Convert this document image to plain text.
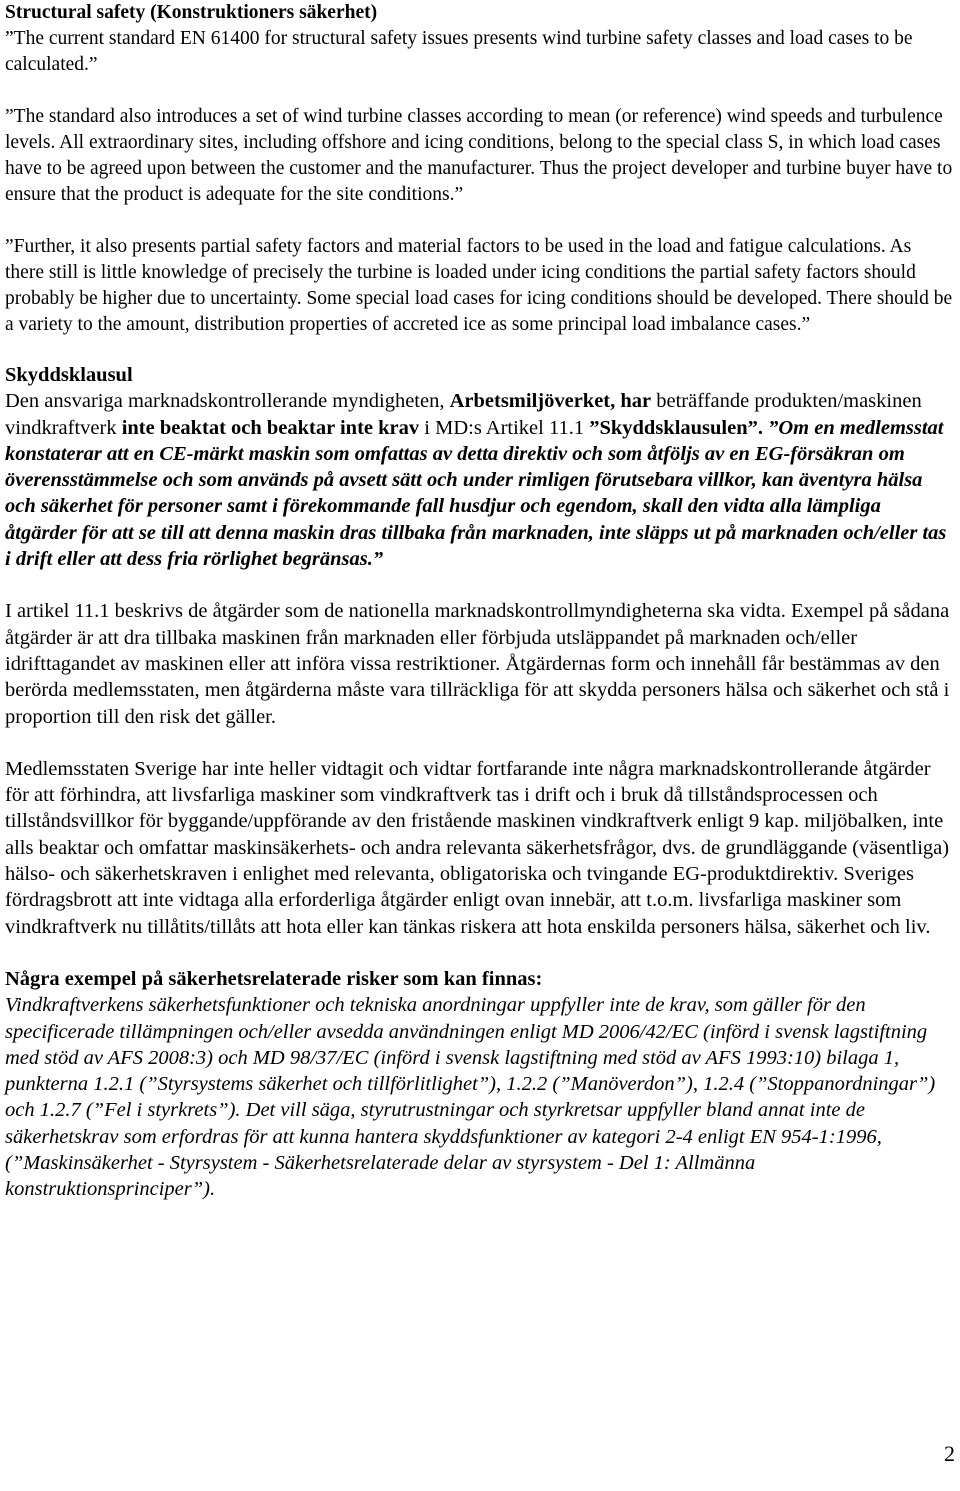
Structural safety (Konstruktioners säkerhet)

”The current standard EN 61400 for structural safety issues presents wind turbine safety classes and load cases to be calculated.”

”The standard also introduces a set of wind turbine classes according to mean (or reference) wind speeds and turbulence levels. All extraordinary sites, including offshore and icing conditions, belong to the special class S, in which load cases have to be agreed upon between the customer and the manufacturer. Thus the project developer and turbine buyer have to ensure that the product is adequate for the site conditions.”

”Further, it also presents partial safety factors and material factors to be used in the load and fatigue calculations. As there still is little knowledge of precisely the turbine is loaded under icing conditions the partial safety factors should probably be higher due to uncertainty. Some special load cases for icing conditions should be developed. There should be a variety to the amount, distribution properties of accreted ice as some principal load imbalance cases.”

Skyddsklausul

Den ansvariga marknadskontrollerande myndigheten, Arbetsmiljöverket, har beträffande produkten/maskinen vindkraftverk inte beaktat och beaktar inte krav i MD:s Artikel 11.1 ”Skyddsklausulen”. ”Om en medlemsstat konstaterar att en CE-märkt maskin som omfattas av detta direktiv och som åtföljs av en EG-försäkran om överensstämmelse och som används på avsett sätt och under rimligen förutsebara villkor, kan äventyra hälsa och säkerhet för personer samt i förekommande fall husdjur och egendom, skall den vidta alla lämpliga åtgärder för att se till att denna maskin dras tillbaka från marknaden, inte släpps ut på marknaden och/eller tas i drift eller att dess fria rörlighet begränsas.”

I artikel 11.1 beskrivs de åtgärder som de nationella marknadskontrollmyndigheterna ska vidta. Exempel på sådana åtgärder är att dra tillbaka maskinen från marknaden eller förbjuda utsläppandet på marknaden och/eller idrifttagandet av maskinen eller att införa vissa restriktioner. Åtgärdernas form och innehåll får bestämmas av den berörda medlemsstaten, men åtgärderna måste vara tillräckliga för att skydda personers hälsa och säkerhet och stå i proportion till den risk det gäller.

Medlemsstaten Sverige har inte heller vidtagit och vidtar fortfarande inte några marknadskontrollerande åtgärder för att förhindra, att livsfarliga maskiner som vindkraftverk tas i drift och i bruk då tillståndsprocessen och tillståndsvillkor för byggande/uppförande av den fristående maskinen vindkraftverk enligt 9 kap. miljöbalken, inte alls beaktar och omfattar maskinsäkerhets- och andra relevanta säkerhetsfrågor, dvs. de grundläggande (väsentliga) hälso- och säkerhetskraven i enlighet med relevanta, obligatoriska och tvingande EG-produktdirektiv. Sveriges fördragsbrott att inte vidtaga alla erforderliga åtgärder enligt ovan innebär, att t.o.m. livsfarliga maskiner som vindkraftverk nu tillåtits/tillåts att hota eller kan tänkas riskera att hota enskilda personers hälsa, säkerhet och liv.

Några exempel på säkerhetsrelaterade risker som kan finnas:

Vindkraftverkens säkerhetsfunktioner och tekniska anordningar uppfyller inte de krav, som gäller för den specificerade tillämpningen och/eller avsedda användningen enligt MD 2006/42/EC (införd i svensk lagstiftning med stöd av AFS 2008:3) och MD 98/37/EC (införd i svensk lagstiftning med stöd av AFS 1993:10) bilaga 1, punkterna 1.2.1 (”Styrsystems säkerhet och tillförlitlighet”), 1.2.2 (”Manöverdon”), 1.2.4 (”Stoppanordningar”) och 1.2.7 (”Fel i styrkrets”). Det vill säga, styrutrustningar och styrkretsar uppfyller bland annat inte de säkerhetskrav som erfordras för att kunna hantera skyddsfunktioner av kategori 2-4 enligt EN 954-1:1996, (”Maskinsäkerhet - Styrsystem - Säkerhetsrelaterade delar av styrsystem - Del 1: Allmänna konstruktionsprinciper”).

2
